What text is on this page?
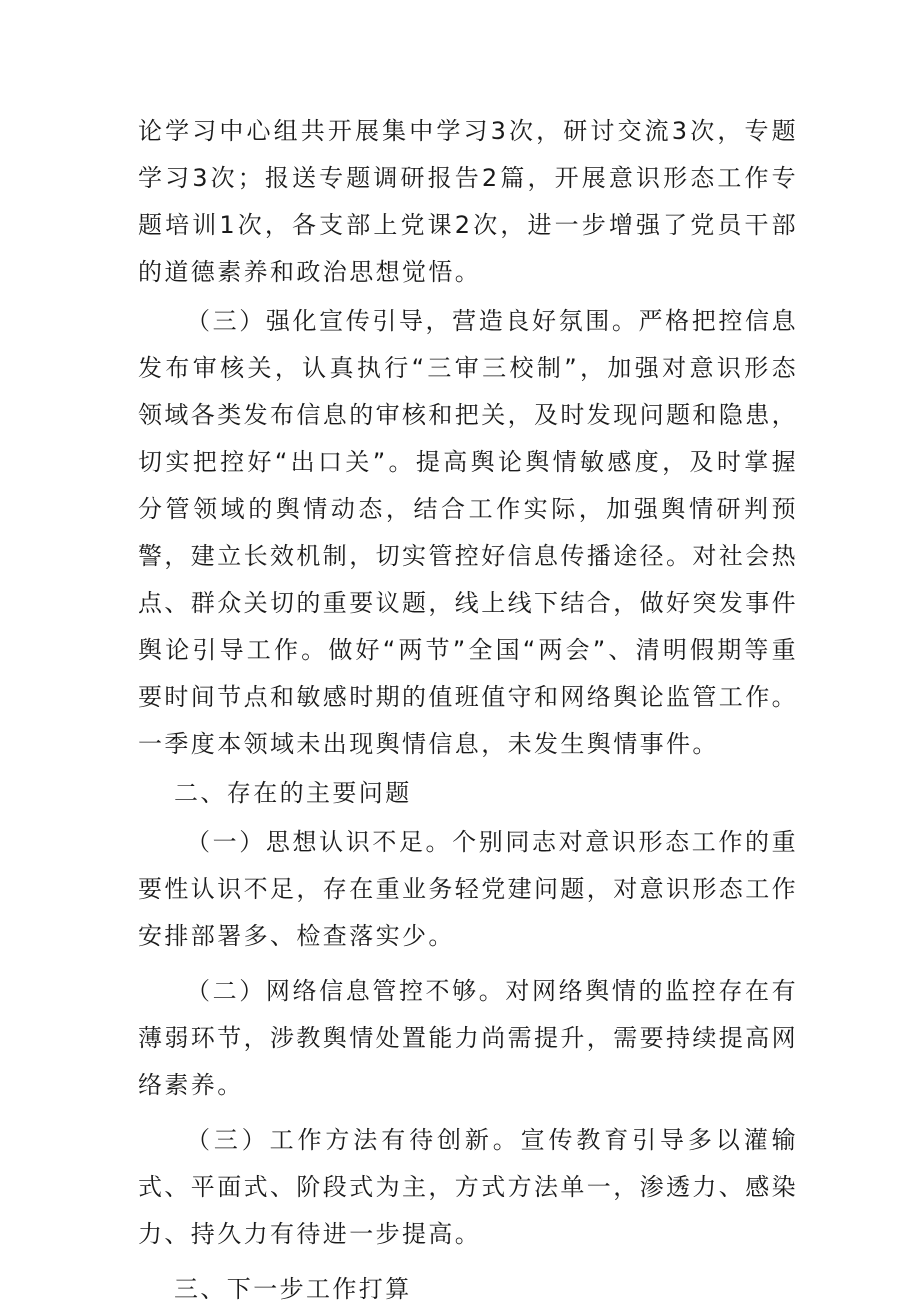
论学习中心组共开展集中学习3次，研讨交流3次，专题学习3次；报送专题调研报告2篇，开展意识形态工作专题培训1次，各支部上党课2次，进一步增强了党员干部的道德素养和政治思想觉悟。

（三）强化宣传引导，营造良好氛围。严格把控信息发布审核关，认真执行“三审三校制”，加强对意识形态领域各类发布信息的审核和把关，及时发现问题和隐患，切实把控好“出口关”。提高舆论舆情敏感度，及时掌握分管领域的舆情动态，结合工作实际，加强舆情研判预警，建立长效机制，切实管控好信息传播途径。对社会热点、群众关切的重要议题，线上线下结合，做好突发事件舆论引导工作。做好“两节”全国“两会”、清明假期等重要时间节点和敏感时期的值班值守和网络舆论监管工作。一季度本领域未出现舆情信息，未发生舆情事件。

二、存在的主要问题

（一）思想认识不足。个别同志对意识形态工作的重要性认识不足，存在重业务轻党建问题，对意识形态工作安排部署多、检查落实少。

（二）网络信息管控不够。对网络舆情的监控存在有薄弱环节，涉教舆情处置能力尚需提升，需要持续提高网络素养。

（三）工作方法有待创新。宣传教育引导多以灌输式、平面式、阶段式为主，方式方法单一，渗透力、感染力、持久力有待进一步提高。

三、下一步工作打算
